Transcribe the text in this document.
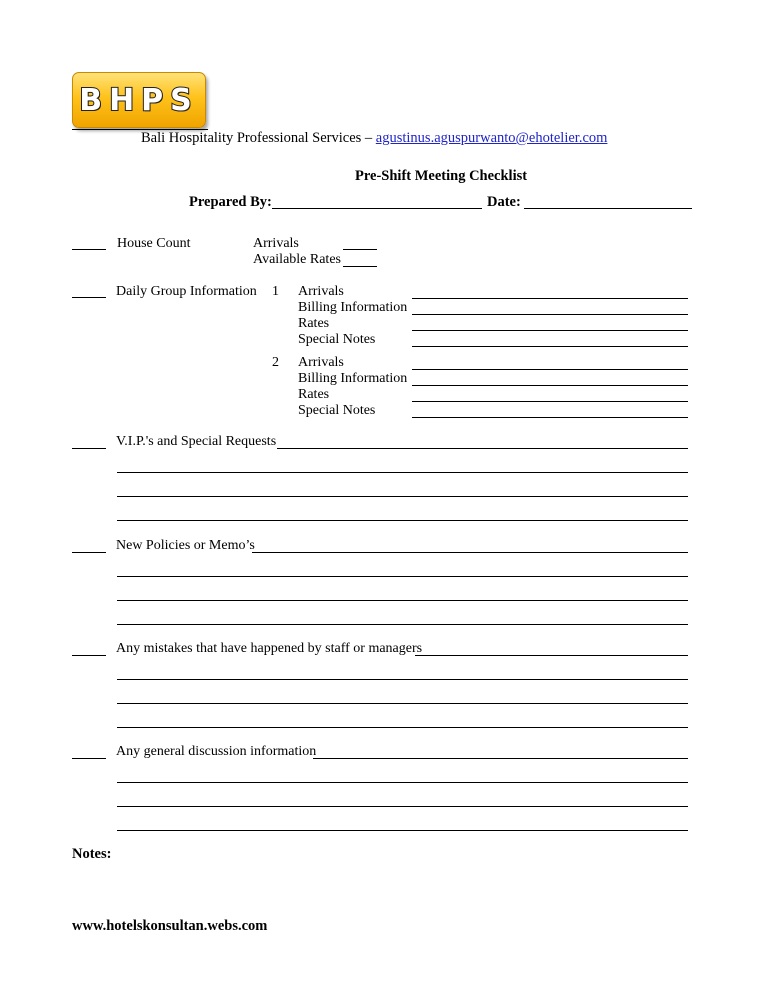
BHPS
Bali Hospitality Professional Services – agustinus.aguspurwanto@ehotelier.com
Pre-Shift Meeting Checklist
Prepared By:	Date:
House Count	Arrivals
Available Rates
Daily Group Information 1 Arrivals
Billing Information
Rates
Special Notes
2 Arrivals
Billing Information
Rates
Special Notes
V.I.P.'s and Special Requests
New Policies or Memo’s
Any mistakes that have happened by staff or managers
Any general discussion information
Notes:
www.hotelskonsultan.webs.com
